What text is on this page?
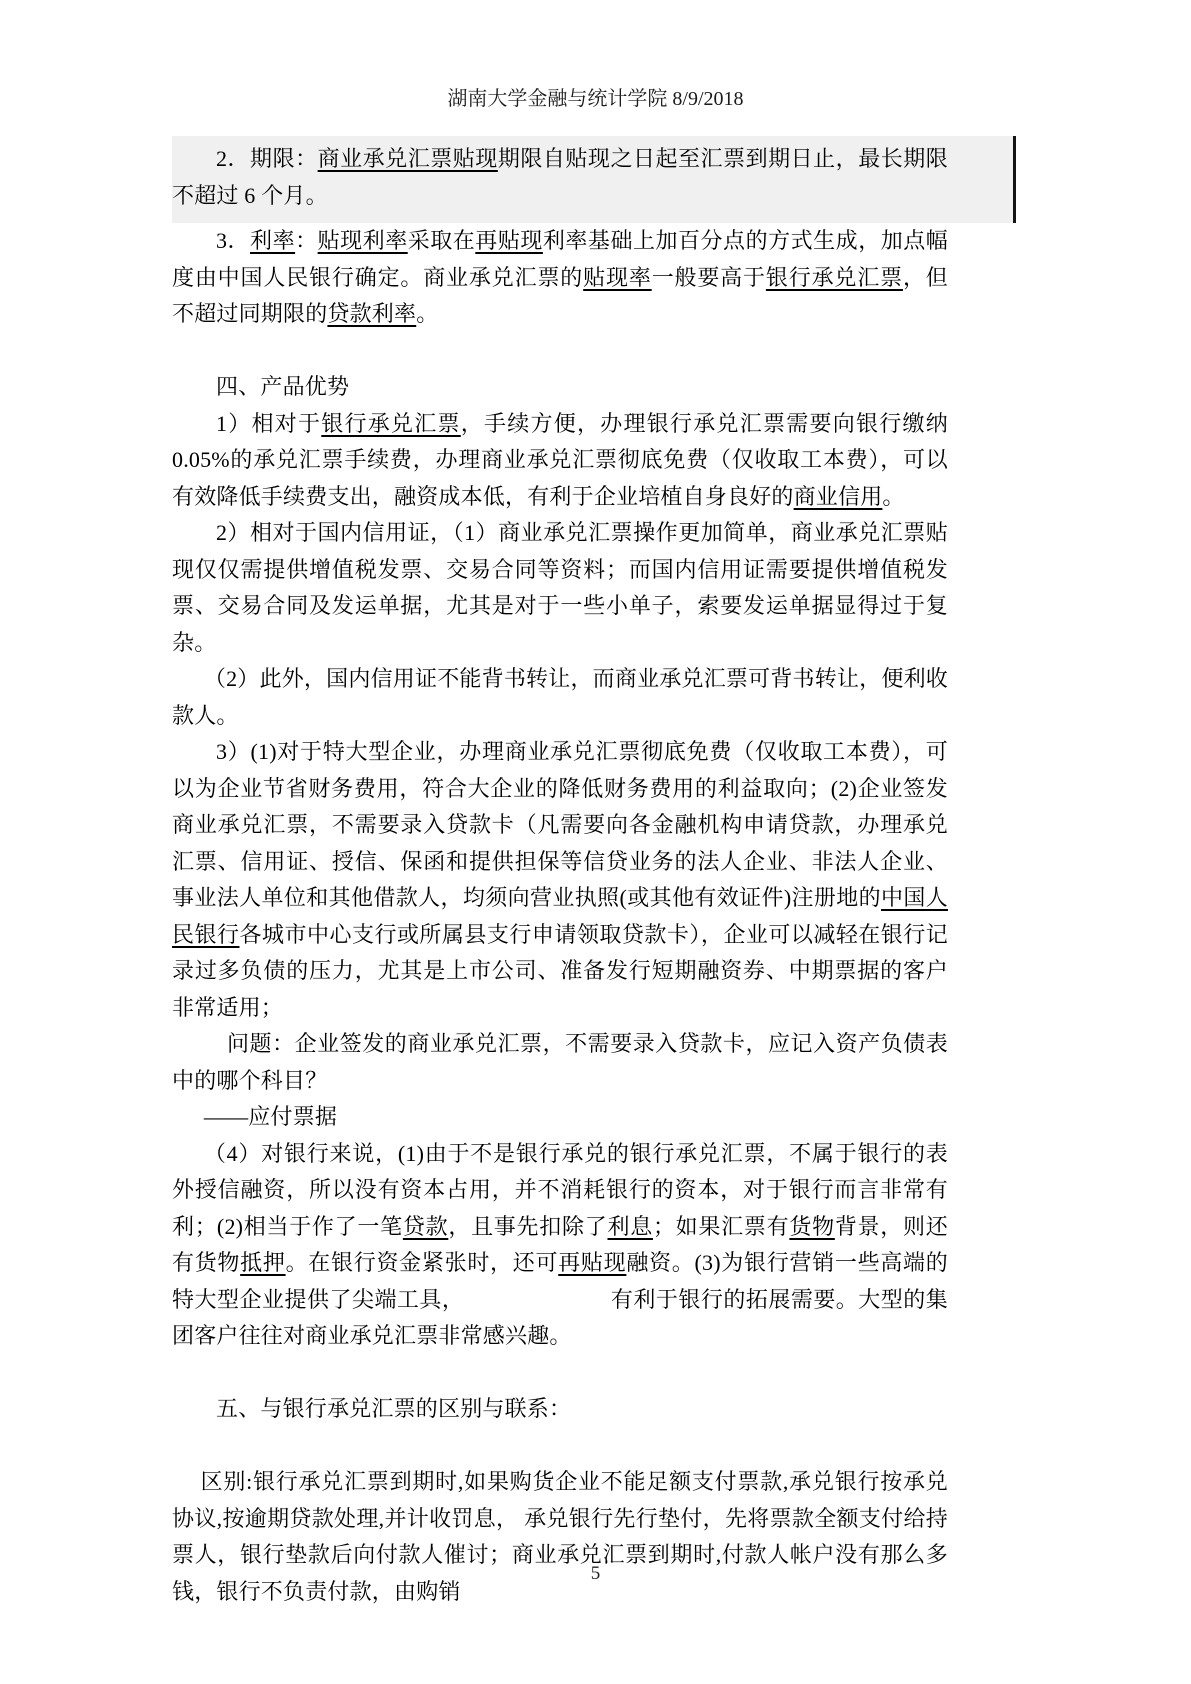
湖南大学金融与统计学院 8/9/2018

2．期限：商业承兑汇票贴现期限自贴现之日起至汇票到期日止，最长期限不超过 6 个月。

3．利率：贴现利率采取在再贴现利率基础上加百分点的方式生成，加点幅度由中国人民银行确定。商业承兑汇票的贴现率一般要高于银行承兑汇票，但不超过同期限的贷款利率。

四、产品优势

1）相对于银行承兑汇票，手续方便，办理银行承兑汇票需要向银行缴纳 0.05%的承兑汇票手续费，办理商业承兑汇票彻底免费（仅收取工本费），可以有效降低手续费支出，融资成本低，有利于企业培植自身良好的商业信用。

2）相对于国内信用证，（1）商业承兑汇票操作更加简单，商业承兑汇票贴现仅仅需提供增值税发票、交易合同等资料；而国内信用证需要提供增值税发票、交易合同及发运单据，尤其是对于一些小单子，索要发运单据显得过于复杂。

（2）此外，国内信用证不能背书转让，而商业承兑汇票可背书转让，便利收款人。

3）(1)对于特大型企业，办理商业承兑汇票彻底免费（仅收取工本费），可以为企业节省财务费用，符合大企业的降低财务费用的利益取向；(2)企业签发商业承兑汇票，不需要录入贷款卡（凡需要向各金融机构申请贷款，办理承兑汇票、信用证、授信、保函和提供担保等信贷业务的法人企业、非法人企业、事业法人单位和其他借款人，均须向营业执照(或其他有效证件)注册地的中国人民银行各城市中心支行或所属县支行申请领取贷款卡），企业可以减轻在银行记录过多负债的压力，尤其是上市公司、准备发行短期融资券、中期票据的客户非常适用；

问题：企业签发的商业承兑汇票，不需要录入贷款卡，应记入资产负债表中的哪个科目？

——应付票据

（4）对银行来说，(1)由于不是银行承兑的银行承兑汇票，不属于银行的表外授信融资，所以没有资本占用，并不消耗银行的资本，对于银行而言非常有利；(2)相当于作了一笔贷款，且事先扣除了利息；如果汇票有货物背景，则还有货物抵押。在银行资金紧张时，还可再贴现融资。(3)为银行营销一些高端的特大型企业提供了尖端工具，　　　　　　　有利于银行的拓展需要。大型的集团客户往往对商业承兑汇票非常感兴趣。

五、与银行承兑汇票的区别与联系：

区别:银行承兑汇票到期时,如果购货企业不能足额支付票款,承兑银行按承兑协议,按逾期贷款处理,并计收罚息， 承兑银行先行垫付，先将票款全额支付给持票人，银行垫款后向付款人催讨；商业承兑汇票到期时,付款人帐户没有那么多钱，银行不负责付款，由购销

5
